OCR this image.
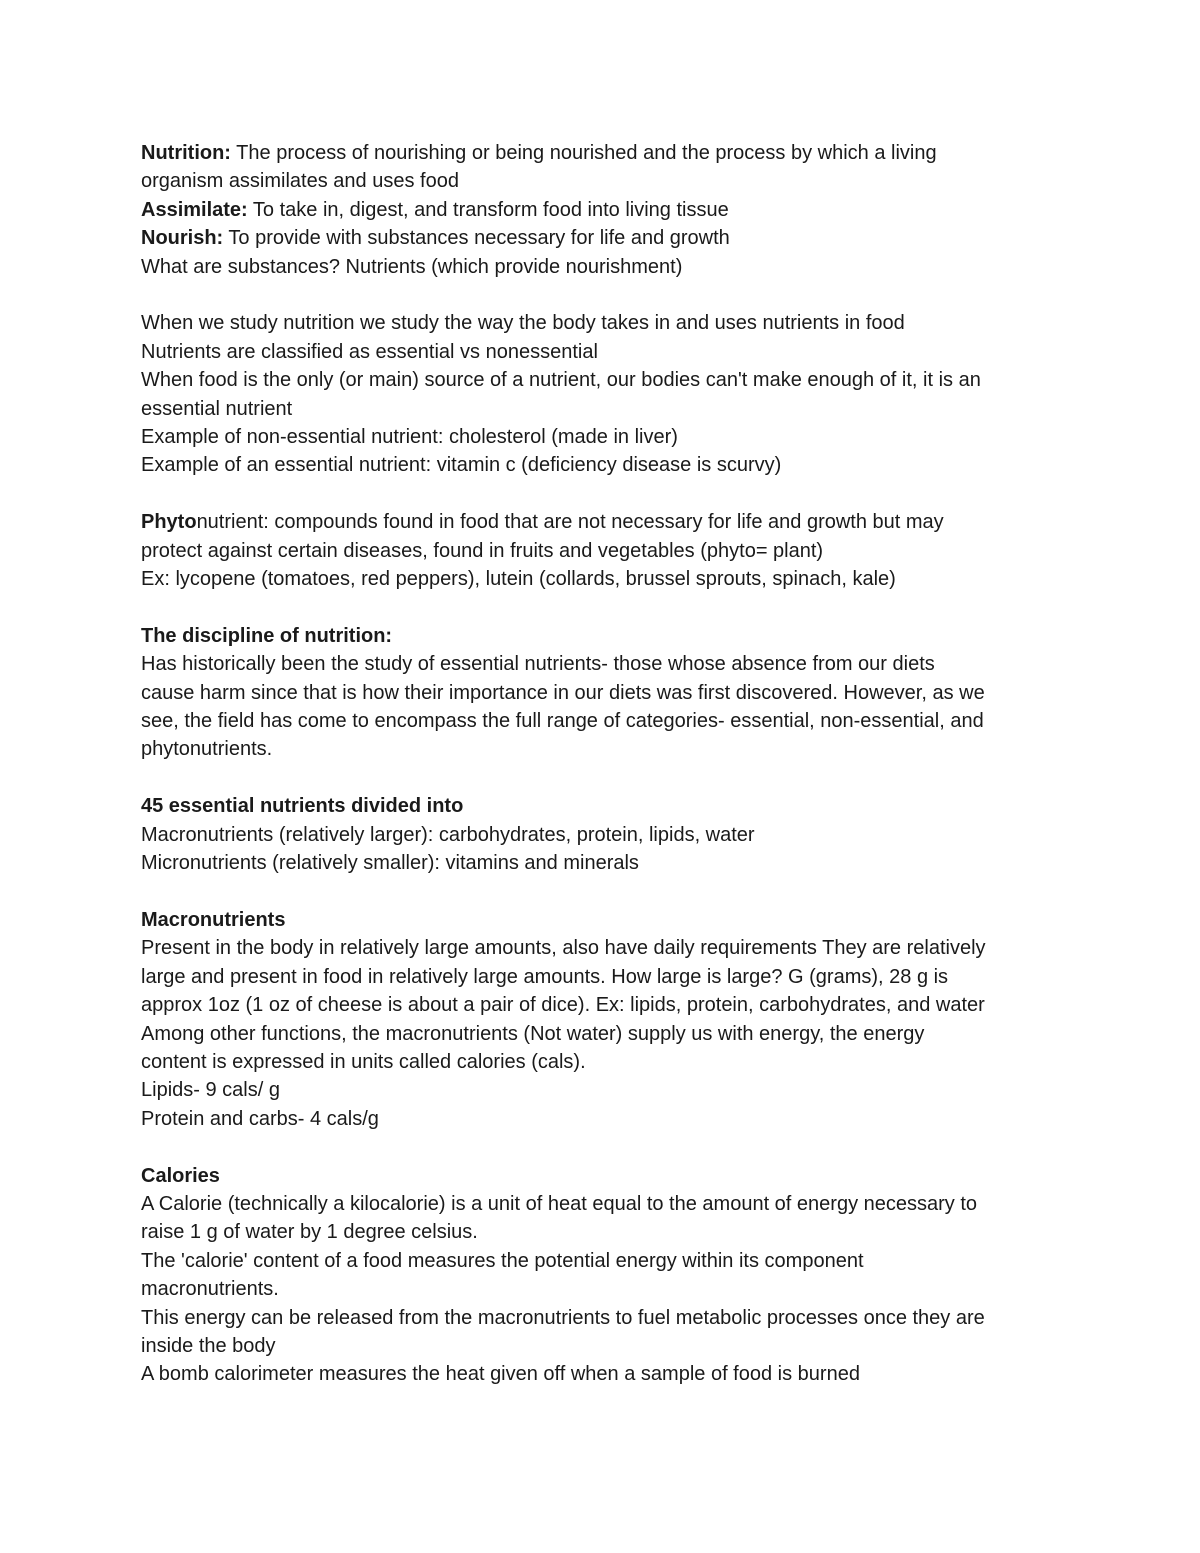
Nutrition: The process of nourishing or being nourished and the process by which a living

organism assimilates and uses food

Assimilate: To take in, digest, and transform food into living tissue

Nourish: To provide with substances necessary for life and growth

What are substances? Nutrients (which provide nourishment)

When we study nutrition we study the way the body takes in and uses nutrients in food

Nutrients are classified as essential vs nonessential

When food is the only (or main) source of a nutrient, our bodies can't make enough of it, it is an

essential nutrient

Example of non-essential nutrient: cholesterol (made in liver)

Example of an essential nutrient: vitamin c (deficiency disease is scurvy)

Phytonutrient: compounds found in food that are not necessary for life and growth but may

protect against certain diseases, found in fruits and vegetables (phyto= plant)

Ex: lycopene (tomatoes, red peppers), lutein (collards, brussel sprouts, spinach, kale)

The discipline of nutrition:

Has historically been the study of essential nutrients- those whose absence from our diets

cause harm since that is how their importance in our diets was first discovered. However, as we

see, the field has come to encompass the full range of categories- essential, non-essential, and

phytonutrients.

45 essential nutrients divided into

Macronutrients (relatively larger): carbohydrates, protein, lipids, water

Micronutrients (relatively smaller): vitamins and minerals

Macronutrients

Present in the body in relatively large amounts, also have daily requirements They are relatively

large and present in food in relatively large amounts. How large is large? G (grams), 28 g is

approx 1oz (1 oz of cheese is about a pair of dice). Ex: lipids, protein, carbohydrates, and water

Among other functions, the macronutrients (Not water) supply us with energy, the energy

content is expressed in units called calories (cals).

Lipids- 9 cals/ g

Protein and carbs- 4 cals/g

Calories

A Calorie (technically a kilocalorie) is a unit of heat equal to the amount of energy necessary to

raise 1 g of water by 1 degree celsius.

The 'calorie' content of a food measures the potential energy within its component

macronutrients.

This energy can be released from the macronutrients to fuel metabolic processes once they are

inside the body

A bomb calorimeter measures the heat given off when a sample of food is burned
